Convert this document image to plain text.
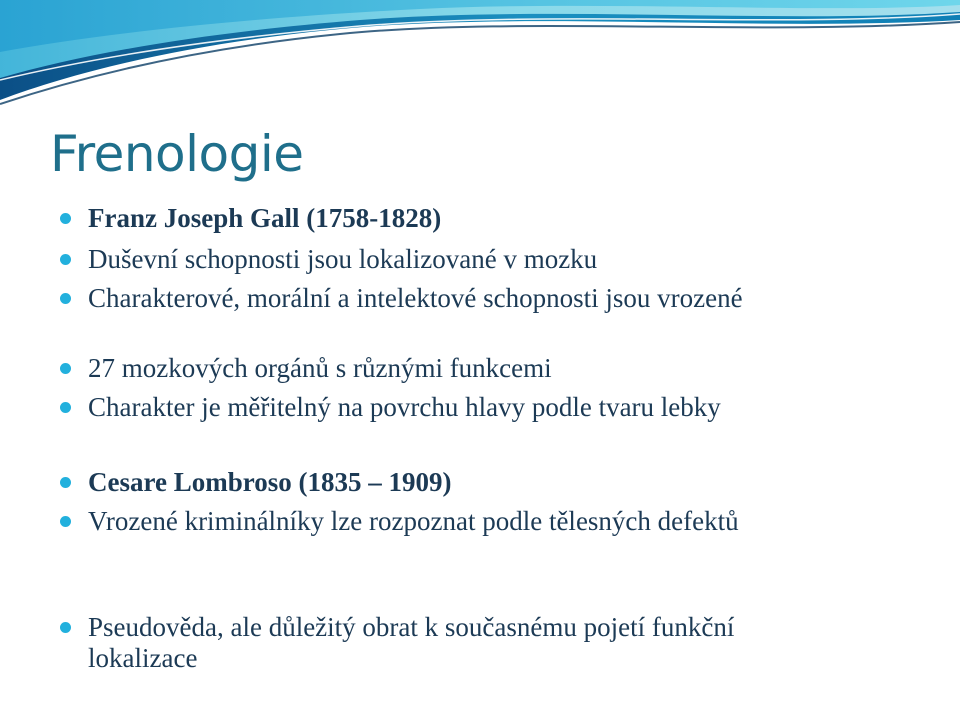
Frenologie
Franz Joseph Gall (1758-1828)
Duševní schopnosti jsou lokalizované v mozku
Charakterové, morální a intelektové schopnosti jsou vrozené
27 mozkových orgánů s různými funkcemi
Charakter je měřitelný na povrchu hlavy podle tvaru lebky
Cesare Lombroso (1835 – 1909)
Vrozené kriminálníky lze rozpoznat podle tělesných defektů
Pseudověda, ale důležitý obrat k současnému pojetí funkční lokalizace
